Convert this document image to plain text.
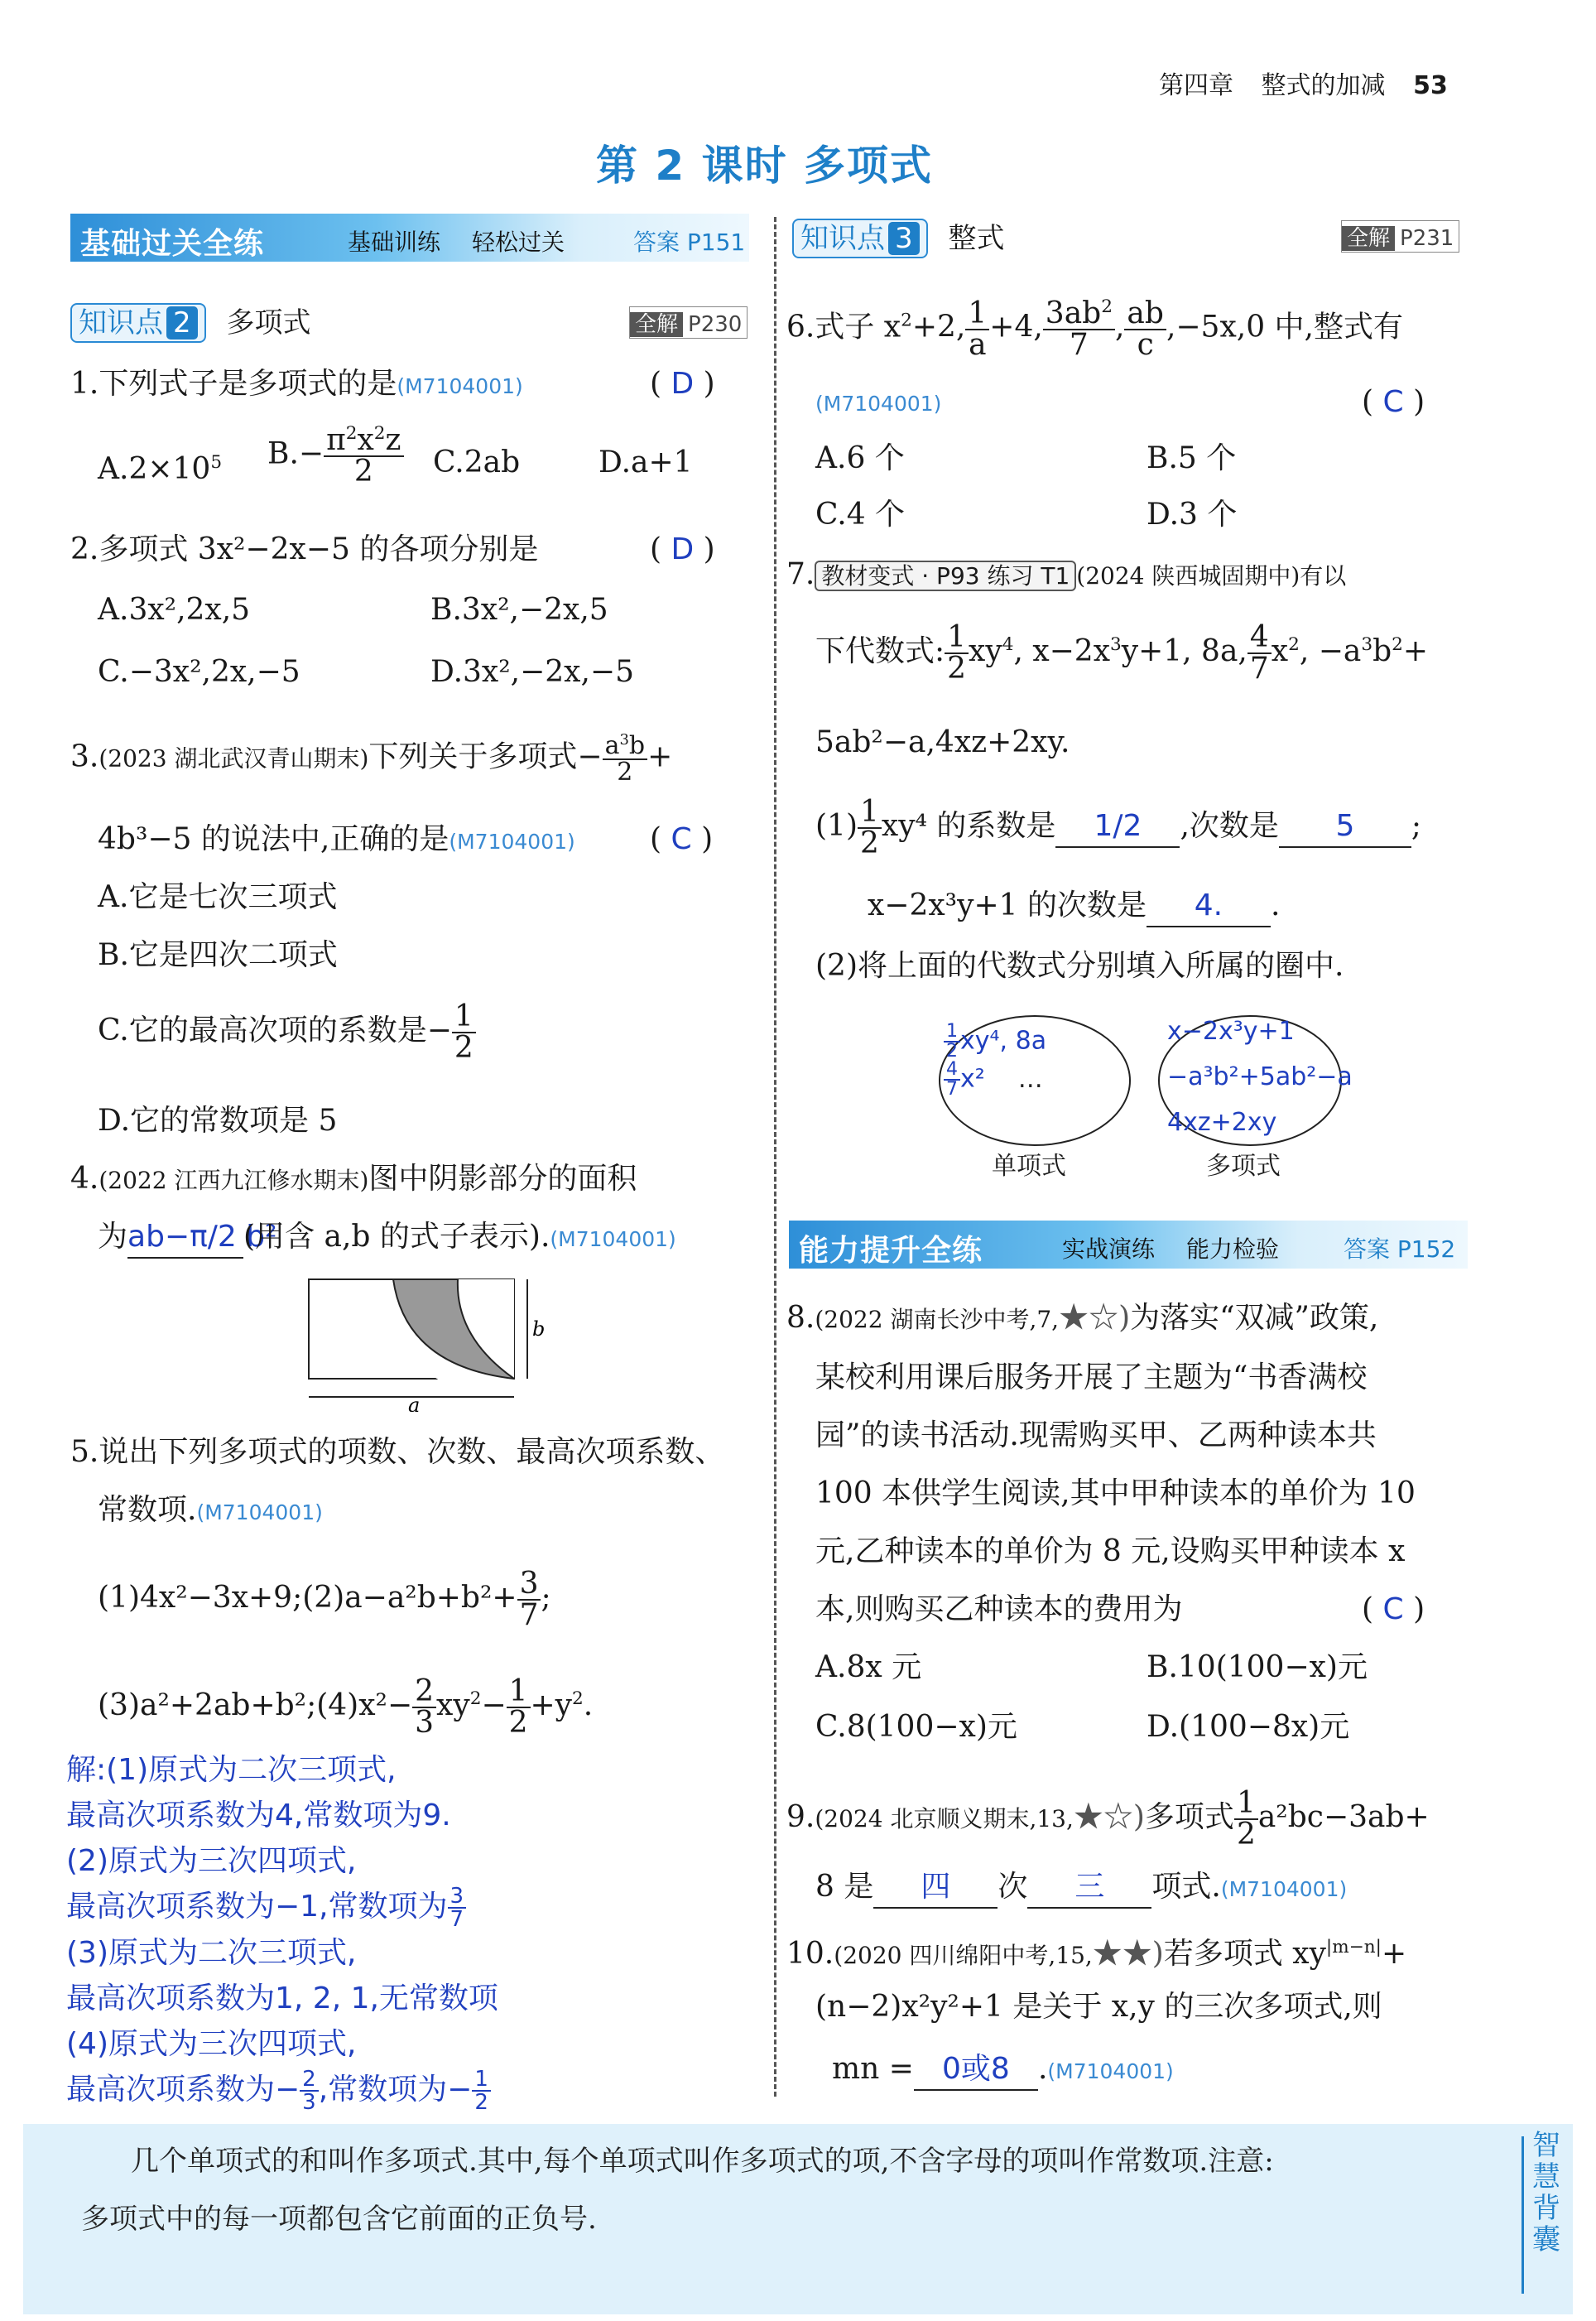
第四章 整式的加减 53
第 2 课时 多项式
基础过关全练	基础训练 轻松过关	答案 P151
知识点 2 多项式	全解 P230
1.下列式子是多项式的是(M7104001)	( D )
$A.2\times 10^5$ $B.- \frac{\pi^2x^2z}{2} C.2ab$	D.a+1
2.多项式 3x²−2x−5 的各项分别是	( D )
A.3x²,2x,5	B.3x²,−2x,5
C.−3x²,2x,−5	D.3x²,−2x,−5
3.(2023 湖北武汉青山期末)下列关于多项式− $\frac{a^3b}{2}$ +
4b³−5 的说法中,正确的是(M7104001)	( C )
A.它是七次三项式
B.它是四次二项式
C.它的最高次项的系数是− $\frac{1}{2}$
D.它的常数项是 5
4.(2022 江西九江修水期末)图中阴影部分的面积
为ab−π/2 b²(用含 a,b 的式子表示).(M7104001)
a
b
5.说出下列多项式的项数、次数、最高次项系数、
常数项.(M7104001)
(1)4x²−3x+9;(2)a−a²b+b²+ $\frac{3}{7}$ ;
(3)a²+2ab+b²;(4)x²− $\frac{2}{3} xy^2- \frac{1}{2} +y^2$.
解:(1)原式为二次三项式,
最高次项系数为4,常数项为9.
(2)原式为三次四项式,
最高次项系数为−1,常数项为 $\frac{3}{7}$
(3)原式为二次三项式,
最高次项系数为1, 2, 1,无常数项
(4)原式为三次四项式,
最高次项系数为− $\frac{2}{3}$ ,常数项为− $\frac{1}{2}$
知识点 3 整式	全解 P231
6.式子 $x^2+2$, $\frac{1}{a} +4$, $\frac{3ab^2}{7}$ , $\frac{ab}{c} ,-5x,0$ 中,整式有
(M7104001)	( C )
A.6 个	B.5 个
C.4 个	D.3 个
7. 教材变式 · P93 练习 T1 (2024 陕西城固期中)有以
下代数式: $\frac{1}{2} xy^4$, $x-2x^3y+1$, 8a, $\frac{4}{7} x^2$, $-a^3b^2+$
5ab²−a,4xz+2xy.
$(1) \frac{1}{2} xy^4$ 的系数是 1/2 ,次数是 5 ;
x−2x³y+1 的次数是 4. .
(2)将上面的代数式分别填入所属的圈中.
$\frac{1}{2} xy^4$, 8a
$\frac{4}{7} x^2$ …
x−2x³y+1
−a³b²+5ab²−a
4xz+2xy
单项式	多项式
能力提升全练	实战演练 能力检验	答案 P152
8.(2022 湖南长沙中考,7,★☆)为落实“双减”政策,
某校利用课后服务开展了主题为“书香满校
园”的读书活动.现需购买甲、乙两种读本共
100 本供学生阅读,其中甲种读本的单价为 10
元,乙种读本的单价为 8 元,设购买甲种读本 x
本,则购买乙种读本的费用为	( C )
A.8x 元	B.10(100−x)元
C.8(100−x)元	D.(100−8x)元
9.(2024 北京顺义期末,13,★☆)多项式 $\frac{1}{2} a^2bc-3ab+$
8 是 四 次 三 项式.(M7104001)
10.(2020 四川绵阳中考,15,★★)若多项式 $xy^{|m-n|}+$
(n−2)x²y²+1 是关于 x,y 的三次多项式,则
mn = 0或8 .(M7104001)
几个单项式的和叫作多项式.其中,每个单项式叫作多项式的项,不含字母的项叫作常数项.注意:
多项式中的每一项都包含它前面的正负号.
智慧背囊
